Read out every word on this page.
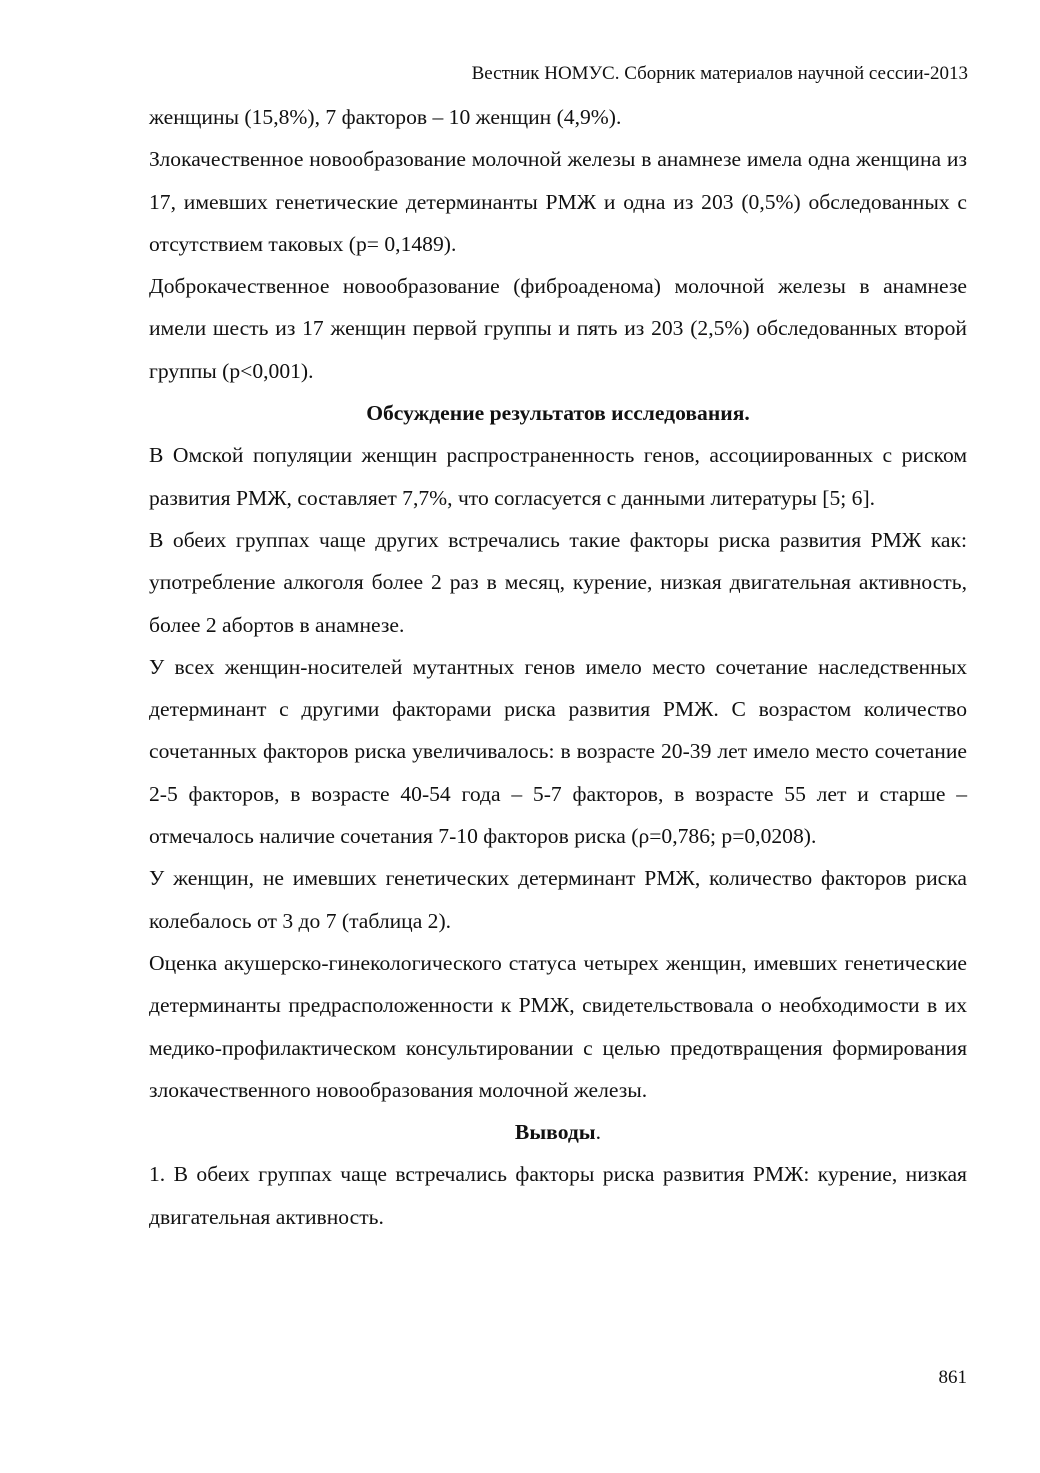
Вестник НОМУС. Сборник материалов научной сессии-2013

женщины (15,8%), 7 факторов – 10 женщин (4,9%).

Злокачественное новообразование молочной железы в анамнезе имела одна женщина из 17, имевших генетические детерминанты РМЖ и одна из 203 (0,5%) обследованных с отсутствием таковых (р= 0,1489).

Доброкачественное новообразование (фиброаденома) молочной железы в анамнезе имели шесть из 17 женщин первой группы и пять из 203 (2,5%) обследованных второй группы (р<0,001).

Обсуждение результатов исследования.

В Омской популяции женщин распространенность генов, ассоциированных с риском развития РМЖ, составляет 7,7%, что согласуется с данными литературы [5; 6].

В обеих группах чаще других встречались такие факторы риска развития РМЖ как: употребление алкоголя более 2 раз в месяц, курение, низкая двигательная активность, более 2 абортов в анамнезе.

У всех женщин-носителей мутантных генов имело место сочетание наследственных детерминант с другими факторами риска развития РМЖ. С возрастом количество сочетанных факторов риска увеличивалось: в возрасте 20-39 лет имело место сочетание 2-5 факторов, в возрасте 40-54 года – 5-7 факторов, в возрасте 55 лет и старше – отмечалось наличие сочетания 7-10 факторов риска (ρ=0,786; р=0,0208).

У женщин, не имевших генетических детерминант РМЖ, количество факторов риска колебалось от 3 до 7 (таблица 2).

Оценка акушерско-гинекологического статуса четырех женщин, имевших генетические детерминанты предрасположенности к РМЖ, свидетельствовала о необходимости в их медико-профилактическом консультировании с целью предотвращения формирования злокачественного новообразования молочной железы.

Выводы.

1. В обеих группах чаще встречались факторы риска развития РМЖ: курение, низкая двигательная активность.

861
